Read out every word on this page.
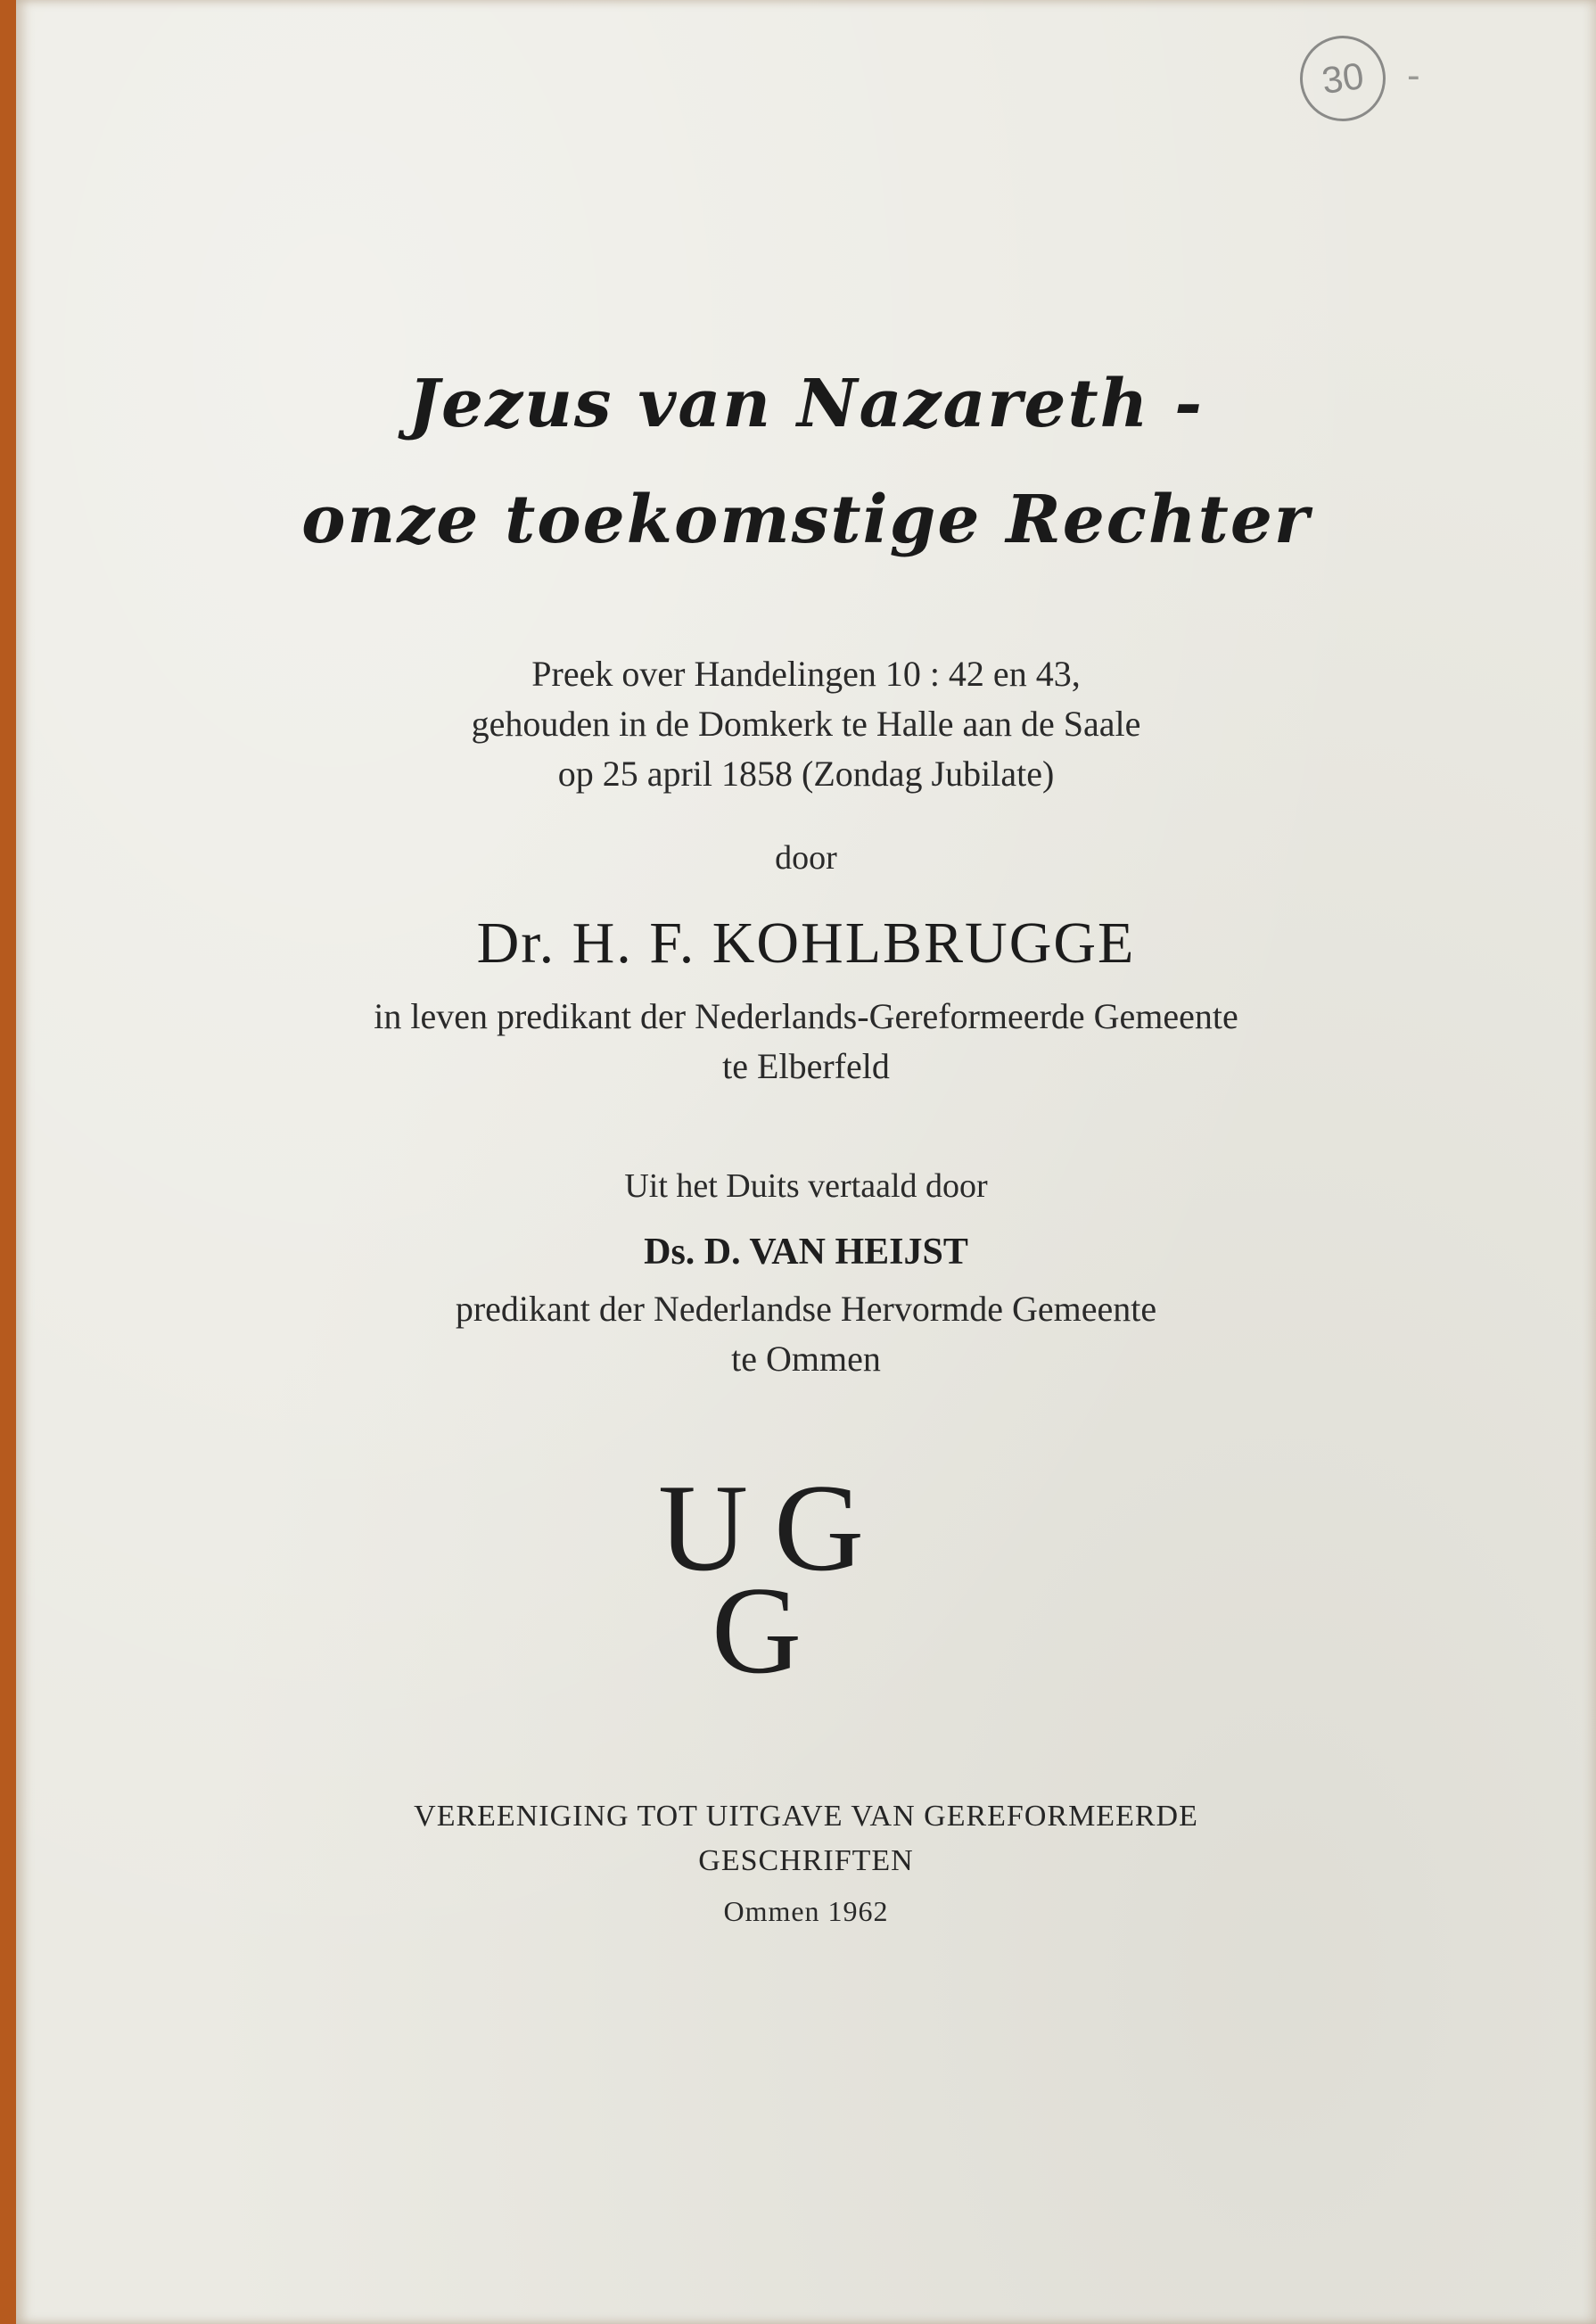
30	-
Jezus van Nazareth -
onze toekomstige Rechter
Preek over Handelingen 10 : 42 en 43,
gehouden in de Domkerk te Halle aan de Saale
op 25 april 1858 (Zondag Jubilate)
door
Dr. H. F. KOHLBRUGGE
in leven predikant der Nederlands-Gereformeerde Gemeente
te Elberfeld
Uit het Duits vertaald door
Ds. D. VAN HEIJST
predikant der Nederlandse Hervormde Gemeente
te Ommen
U G
G
VEREENIGING TOT UITGAVE VAN GEREFORMEERDE
GESCHRIFTEN
Ommen 1962
